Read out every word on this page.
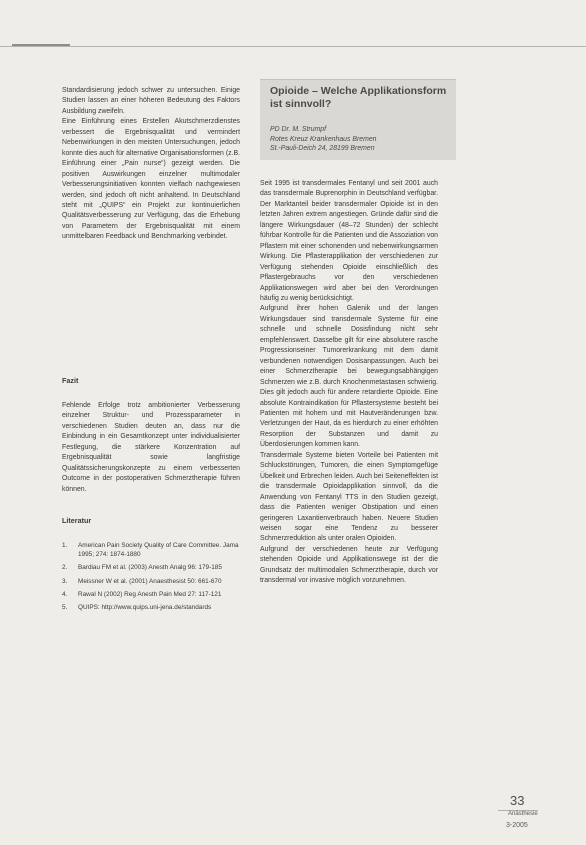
Standardisierung jedoch schwer zu untersuchen. Einige Studien lassen an einer höheren Bedeutung des Faktors Ausbildung zweifeln.

Eine Einführung eines Erstellen Akutschmerzdienstes verbessert die Ergebnisqualität und vermindert Nebenwirkungen in den meisten Untersuchungen, jedoch konnte dies auch für alternative Organisationsformen (z.B. Einführung einer „Pain nurse“) gezeigt werden. Die positiven Auswirkungen einzelner multimodaler Verbesserungsinitiativen konnten vielfach nachgewiesen werden, sind jedoch oft nicht anhaltend. In Deutschland steht mit „QUIPS“ ein Projekt zur kontinuierlichen Qualitätsverbesserung zur Verfügung, das die Erhebung von Parametern der Ergebnisqualität mit einem unmittelbaren Feedback und Benchmarking verbindet.

Fazit
Fehlende Erfolge trotz ambitionierter Verbesserung einzelner Struktur- und Prozessparameter in verschiedenen Studien deuten an, dass nur die Einbindung in ein Gesamtkonzept unter individualisierter Festlegung, die stärkere Konzentration auf Ergebnisqualität sowie langfristige Qualitätssicherungskonzepte zu einem verbesserten Outcome in der postoperativen Schmerztherapie führen können.
Literatur
1. American Pain Society Quality of Care Committee. Jama 1995; 274: 1874-1880
2. Bardiau FM et al. (2003) Anesth Analg 96: 179-185
3. Meissner W et al. (2001) Anaesthesist 50: 661-670
4. Rawal N (2002) Reg Anesth Pain Med 27: 117-121
5. QUIPS: http://www.quips.uni-jena.de/standards
Opioide – Welche Applikationsform ist sinnvoll?
PD Dr. M. Strumpf
Rotes Kreuz Krankenhaus Bremen
St.-Pauli-Deich 24, 28199 Bremen

Seit 1995 ist transdermales Fentanyl und seit 2001 auch das transdermale Buprenorphin in Deutschland verfügbar. Der Marktanteil beider transdermaler Opioide ist in den letzten Jahren extrem angestiegen. Gründe dafür sind die längere Wirkungsdauer (48–72 Stunden) der schlecht führbar Kontrolle für die Patienten und die Assoziation von Pflastern mit einer schonenden und nebenwirkungsarmen Wirkung. Die Pflasterapplikation der verschiedenen zur Verfügung stehenden Opioide einschließlich des Pflastergebrauchs vor den verschiedenen Applikationswegen wird aber bei den Verordnungen häufig zu wenig berücksichtigt.

Aufgrund ihrer hohen Galenik und der langen Wirkungsdauer sind transdermale Systeme für eine schnelle und schnelle Dosisfindung nicht sehr empfehlenswert. Dasselbe gilt für eine absolutere rasche Progressionseiner Tumorerkrankung mit dem damit verbundenen notwendigen Dosisanpassungen. Auch bei einer Schmerztherapie bei bewegungsabhängigen Schmerzen wie z.B. durch Knochenmetastasen schwierig. Dies gilt jedoch auch für andere retardierte Opioide. Eine absolute Kontraindikation für Pflastersysteme besteht bei Patienten mit hohem und mit Hautveränderungen bzw. Verletzungen der Haut, da es hierdurch zu einer erhöhten Resorption der Substanzen und damit zu Überdosierungen kommen kann.

Transdermale Systeme bieten Vorteile bei Patienten mit Schluckstörungen, Tumoren, die einen Symptomgefüge Übelkeit und Erbrechen leiden. Auch bei Seiteneffekten ist die transdermale Opioidapplikation sinnvoll, da die Anwendung von Fentanyl TTS in den Studien gezeigt, dass die Patienten weniger Obstipation und einen geringeren Laxantienverbrauch haben. Neuere Studien weisen sogar eine Tendenz zu besserer Schmerzreduktion als unter oralen Opioiden.

Aufgrund der verschiedenen heute zur Verfügung stehenden Opioide und Applikationswege ist der die Grundsatz der multimodalen Schmerztherapie, durch vor transdermal vor invasive möglich vorzunehmen.

33
Anästhesie
3-2005
